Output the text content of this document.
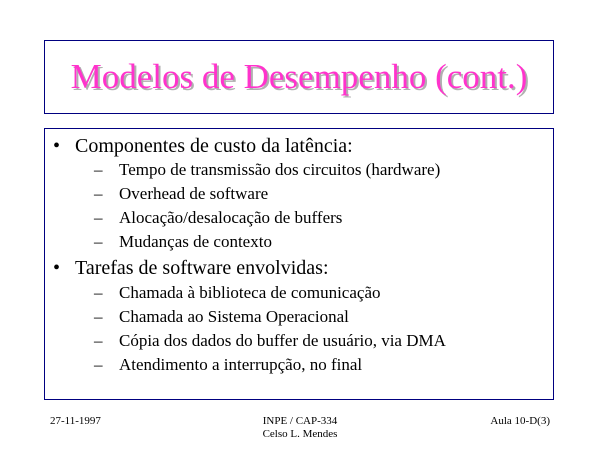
Modelos de Desempenho (cont.)
• Componentes de custo da latência:
– Tempo de transmissão dos circuitos (hardware)
– Overhead de software
– Alocação/desalocação de buffers
– Mudanças de contexto
• Tarefas de software envolvidas:
– Chamada à biblioteca de comunicação
– Chamada ao Sistema Operacional
– Cópia dos dados do buffer de usuário, via DMA
– Atendimento a interrupção, no final
27-11-1997	INPE / CAP-334
Celso L. Mendes
Aula 10-D(3)
